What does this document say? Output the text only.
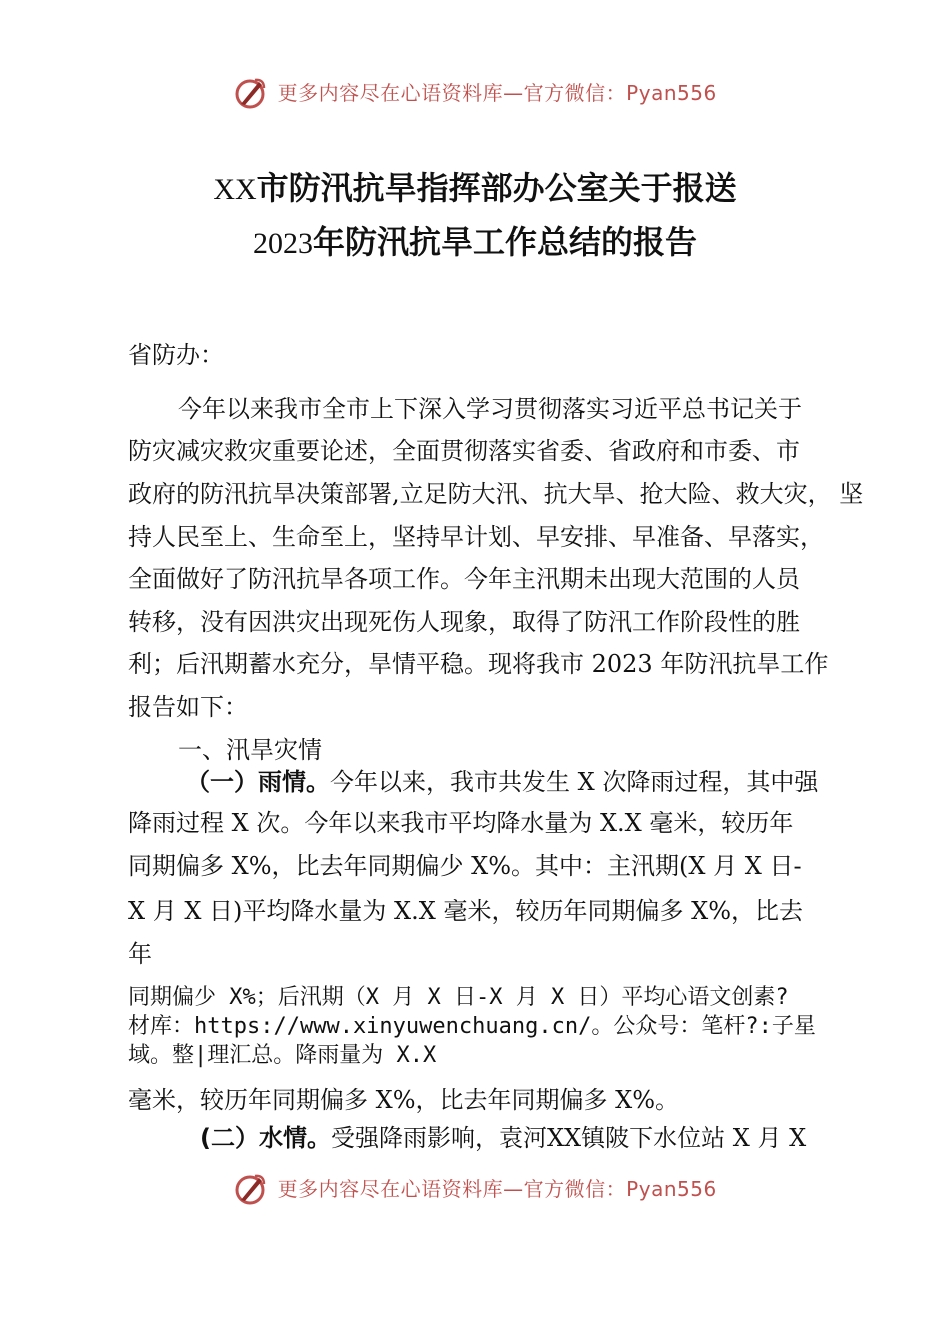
更多内容尽在心语资料库—官方微信：Pyan556
XX市防汛抗旱指挥部办公室关于报送
2023年防汛抗旱工作总结的报告
省防办：
今年以来我市全市上下深入学习贯彻落实习近平总书记关于
防灾减灾救灾重要论述，全面贯彻落实省委、省政府和市委、市
政府的防汛抗旱决策部署,立足防大汛、抗大旱、抢大险、救大灾， 坚
持人民至上、生命至上，坚持早计划、早安排、早准备、早落实，
全面做好了防汛抗旱各项工作。今年主汛期未出现大范围的人员
转移，没有因洪灾出现死伤人现象，取得了防汛工作阶段性的胜
利；后汛期蓄水充分，旱情平稳。现将我市 2023 年防汛抗旱工作
报告如下：
一、汛旱灾情
（一）雨情。今年以来，我市共发生 X 次降雨过程，其中强
降雨过程 X 次。今年以来我市平均降水量为 X.X 毫米，较历年
同期偏多 X%，比去年同期偏少 X%。其中：主汛期(X 月 X 日-
X 月 X 日)平均降水量为 X.X 毫米，较历年同期偏多 X%，比去
年
同期偏少 X%；后汛期（X 月 X 日-X 月 X 日）平均心语文创素?
材库：https://www.xinyuwenchuang.cn/。公众号：笔杆?:子星
域。整|理汇总。降雨量为 X.X
毫米，较历年同期偏多 X%，比去年同期偏多 X%。
(二）水情。受强降雨影响，袁河XX镇陂下水位站 X 月 X
更多内容尽在心语资料库—官方微信：Pyan556
